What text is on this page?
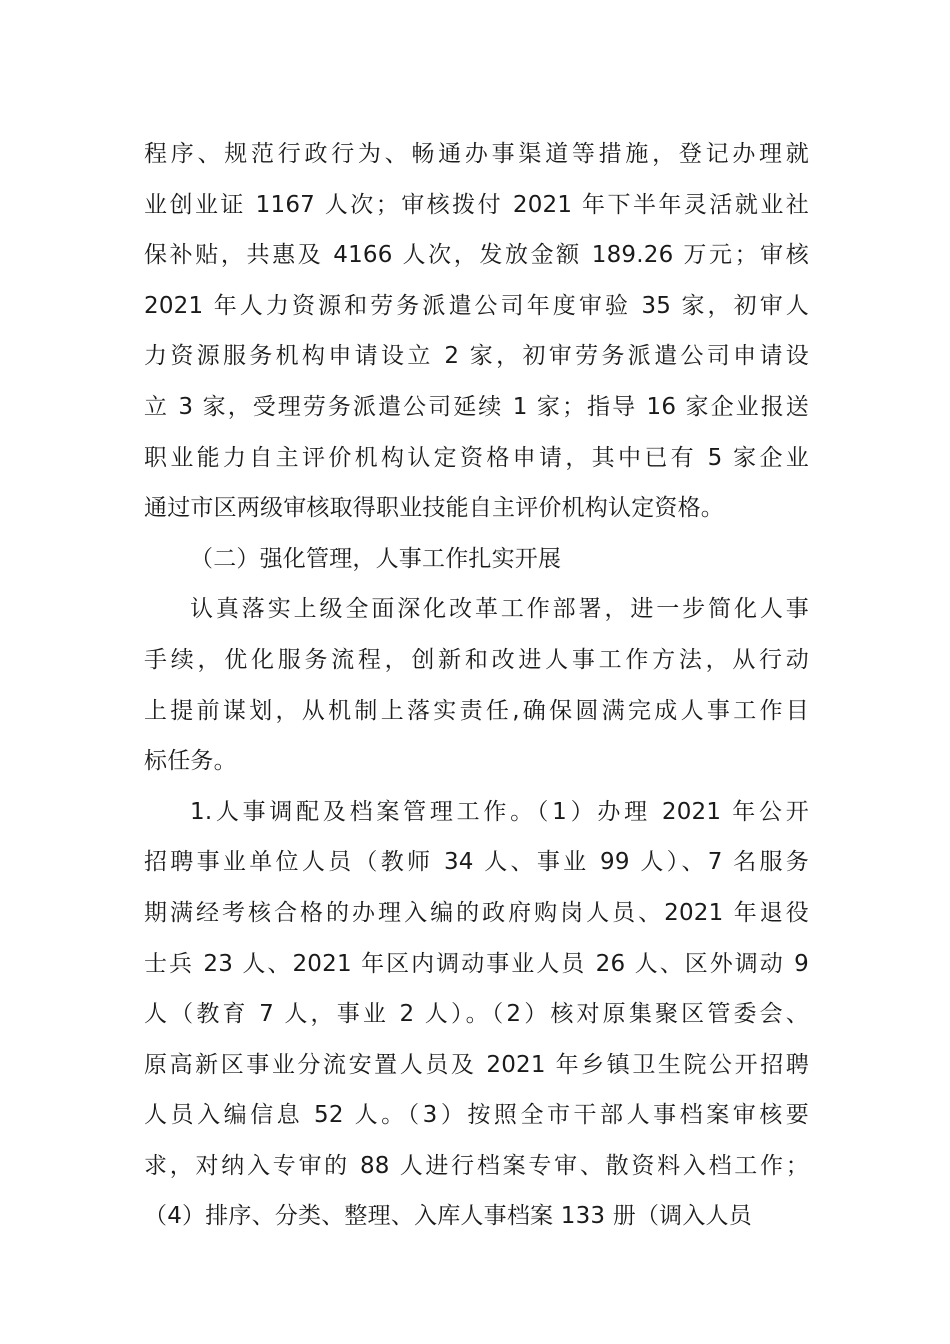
程序、规范行政行为、畅通办事渠道等措施，登记办理就
业创业证 1167 人次；审核拨付 2021 年下半年灵活就业社
保补贴，共惠及 4166 人次，发放金额 189.26 万元；审核
2021 年人力资源和劳务派遣公司年度审验 35 家，初审人
力资源服务机构申请设立 2 家，初审劳务派遣公司申请设
立 3 家，受理劳务派遣公司延续 1 家；指导 16 家企业报送
职业能力自主评价机构认定资格申请，其中已有 5 家企业
通过市区两级审核取得职业技能自主评价机构认定资格。
（二）强化管理，人事工作扎实开展
认真落实上级全面深化改革工作部署，进一步简化人事
手续，优化服务流程，创新和改进人事工作方法，从行动
上提前谋划，从机制上落实责任,确保圆满完成人事工作目
标任务。
1.人事调配及档案管理工作。（1）办理 2021 年公开
招聘事业单位人员（教师 34 人、事业 99 人）、7 名服务
期满经考核合格的办理入编的政府购岗人员、2021 年退役
士兵 23 人、2021 年区内调动事业人员 26 人、区外调动 9
人（教育 7 人，事业 2 人）。（2）核对原集聚区管委会、
原高新区事业分流安置人员及 2021 年乡镇卫生院公开招聘
人员入编信息 52 人。（3）按照全市干部人事档案审核要
求，对纳入专审的 88 人进行档案专审、散资料入档工作；
（4）排序、分类、整理、入库人事档案 133 册（调入人员
